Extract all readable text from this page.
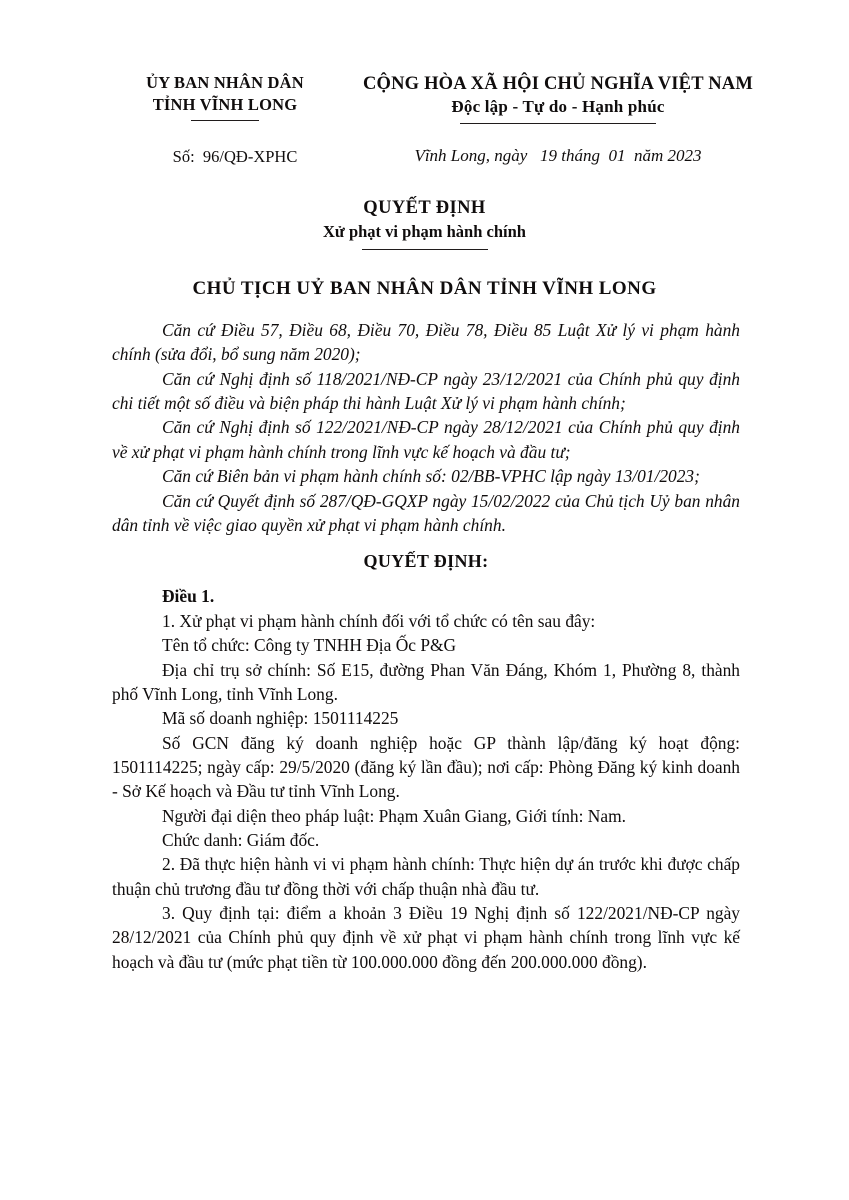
ỦY BAN NHÂN DÂN
TỈNH VĨNH LONG
CỘNG HÒA XÃ HỘI CHỦ NGHĨA VIỆT NAM
Độc lập - Tự do - Hạnh phúc
Số:  96/QĐ-XPHC	Vĩnh Long, ngày   19 tháng  01  năm 2023
QUYẾT ĐỊNH
Xử phạt vi phạm hành chính
CHỦ TỊCH UỶ BAN NHÂN DÂN TỈNH VĨNH LONG

Căn cứ Điều 57, Điều 68, Điều 70, Điều 78, Điều 85 Luật Xử lý vi phạm hành chính (sửa đổi, bổ sung năm 2020);

Căn cứ Nghị định số 118/2021/NĐ-CP ngày 23/12/2021 của Chính phủ quy định chi tiết một số điều và biện pháp thi hành Luật Xử lý vi phạm hành chính;

Căn cứ Nghị định số 122/2021/NĐ-CP ngày 28/12/2021 của Chính phủ quy định về xử phạt vi phạm hành chính trong lĩnh vực kế hoạch và đầu tư;

Căn cứ Biên bản vi phạm hành chính số: 02/BB-VPHC lập ngày 13/01/2023;

Căn cứ Quyết định số 287/QĐ-GQXP ngày 15/02/2022 của Chủ tịch Uỷ ban nhân dân tỉnh về việc giao quyền xử phạt vi phạm hành chính.

QUYẾT ĐỊNH:

Điều 1.

1. Xử phạt vi phạm hành chính đối với tổ chức có tên sau đây:

Tên tổ chức: Công ty TNHH Địa Ốc P&G

Địa chỉ trụ sở chính: Số E15, đường Phan Văn Đáng, Khóm 1, Phường 8, thành phố Vĩnh Long, tỉnh Vĩnh Long.

Mã số doanh nghiệp: 1501114225

Số GCN đăng ký doanh nghiệp hoặc GP thành lập/đăng ký hoạt động: 1501114225; ngày cấp: 29/5/2020 (đăng ký lần đầu); nơi cấp: Phòng Đăng ký kinh doanh - Sở Kế hoạch và Đầu tư tỉnh Vĩnh Long.

Người đại diện theo pháp luật: Phạm Xuân Giang, Giới tính: Nam.

Chức danh: Giám đốc.

2. Đã thực hiện hành vi vi phạm hành chính: Thực hiện dự án trước khi được chấp thuận chủ trương đầu tư đồng thời với chấp thuận nhà đầu tư.

3. Quy định tại: điểm a khoản 3 Điều 19 Nghị định số 122/2021/NĐ-CP ngày 28/12/2021 của Chính phủ quy định về xử phạt vi phạm hành chính trong lĩnh vực kế hoạch và đầu tư (mức phạt tiền từ 100.000.000 đồng đến 200.000.000 đồng).
